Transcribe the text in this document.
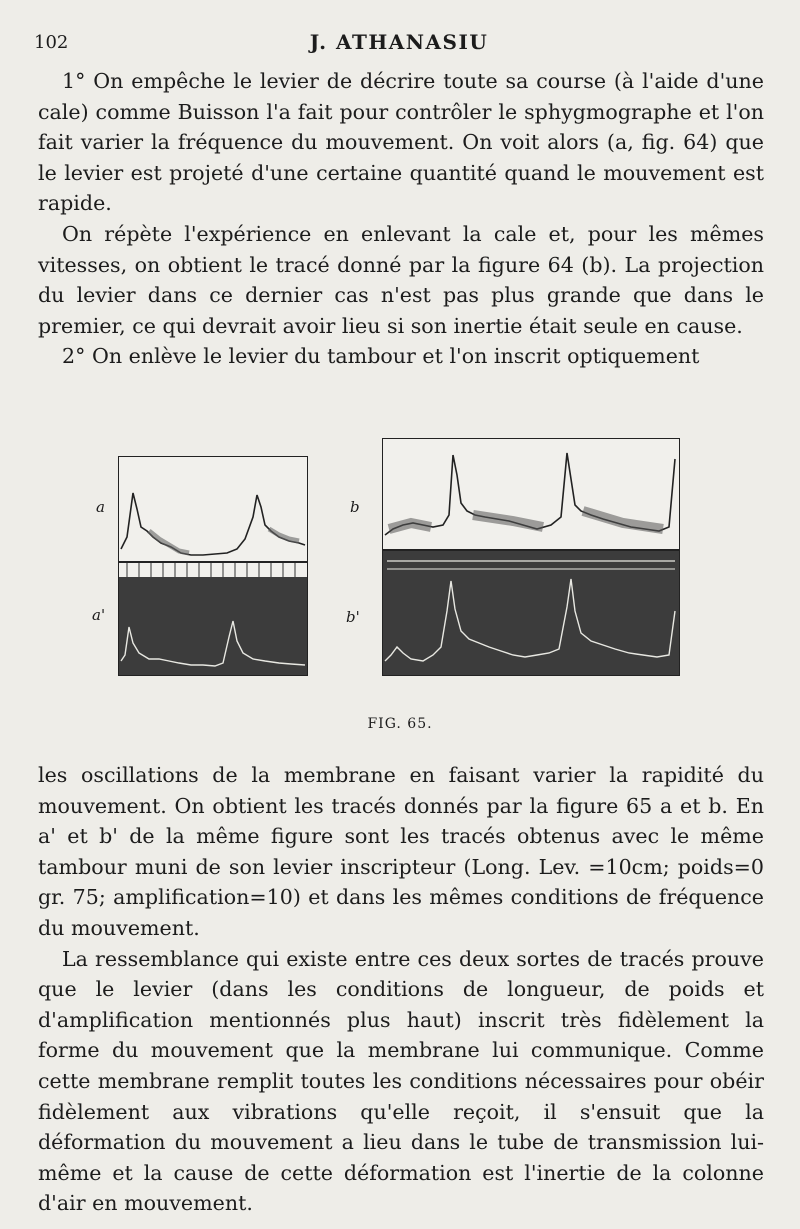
102	J. ATHANASIU

1° On empêche le levier de décrire toute sa course (à l'aide d'une cale) comme Buisson l'a fait pour contrôler le sphygmographe et l'on fait varier la fréquence du mouvement. On voit alors (a, fig. 64) que le levier est projeté d'une certaine quantité quand le mouvement est rapide.

On répète l'expérience en enlevant la cale et, pour les mêmes vitesses, on obtient le tracé donné par la figure 64 (b). La projection du levier dans ce dernier cas n'est pas plus grande que dans le premier, ce qui devrait avoir lieu si son inertie était seule en cause.

2° On enlève le levier du tambour et l'on inscrit optiquement

a
a'
b
b'
FIG. 65.

les oscillations de la membrane en faisant varier la rapidité du mouvement. On obtient les tracés donnés par la figure 65 a et b. En a' et b' de la même figure sont les tracés obtenus avec le même tambour muni de son levier inscripteur (Long. Lev. =10cm; poids=0 gr. 75; amplification=10) et dans les mêmes conditions de fréquence du mouvement.

La ressemblance qui existe entre ces deux sortes de tracés prouve que le levier (dans les conditions de longueur, de poids et d'amplification mentionnés plus haut) inscrit très fidèlement la forme du mouvement que la membrane lui communique. Comme cette membrane remplit toutes les conditions nécessaires pour obéir fidèlement aux vibrations qu'elle reçoit, il s'ensuit que la déformation du mouvement a lieu dans le tube de transmission lui-même et la cause de cette déformation est l'inertie de la colonne d'air en mouvement.
